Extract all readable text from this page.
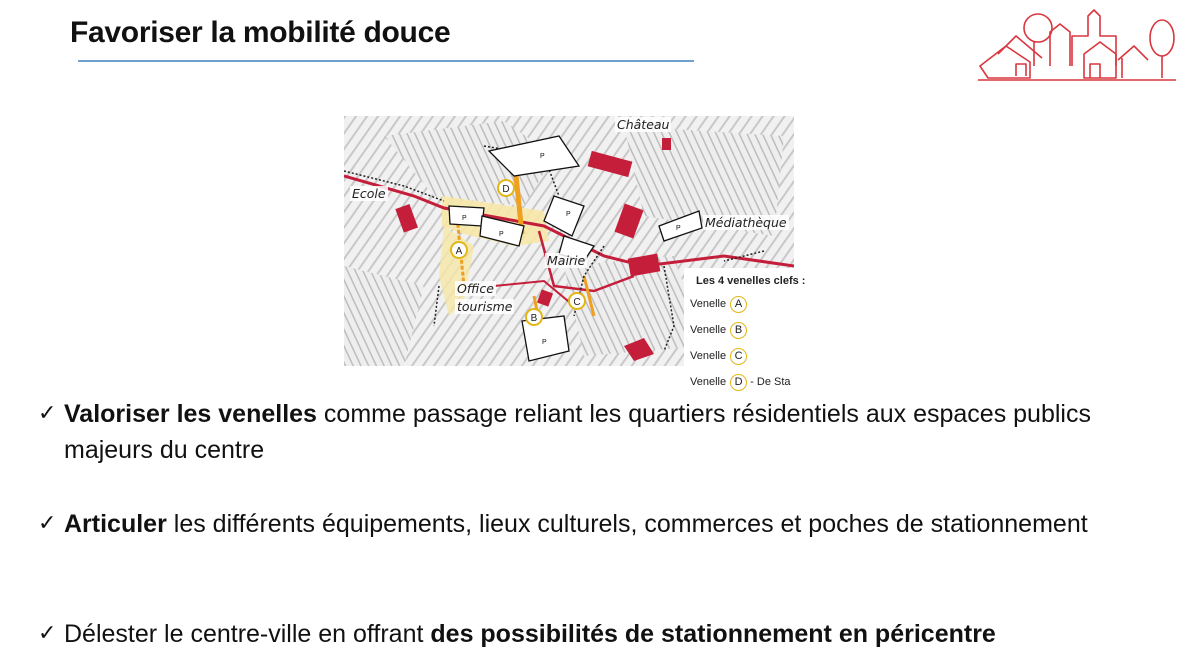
Favoriser la mobilité douce
P
P
P
P
P
P
D
A
B
C
Château
Ecole
Médiathèque
Mairie
Office
tourisme
Les 4 venelles clefs :
Venelle A
Venelle B
Venelle C
Venelle D - De Sta
✓ Valoriser les venelles comme passage reliant les quartiers résidentiels aux espaces publics majeurs du centre
✓ Articuler les différents équipements, lieux culturels, commerces et poches de stationnement
✓ Délester le centre-ville en offrant des possibilités de stationnement en péricentre
